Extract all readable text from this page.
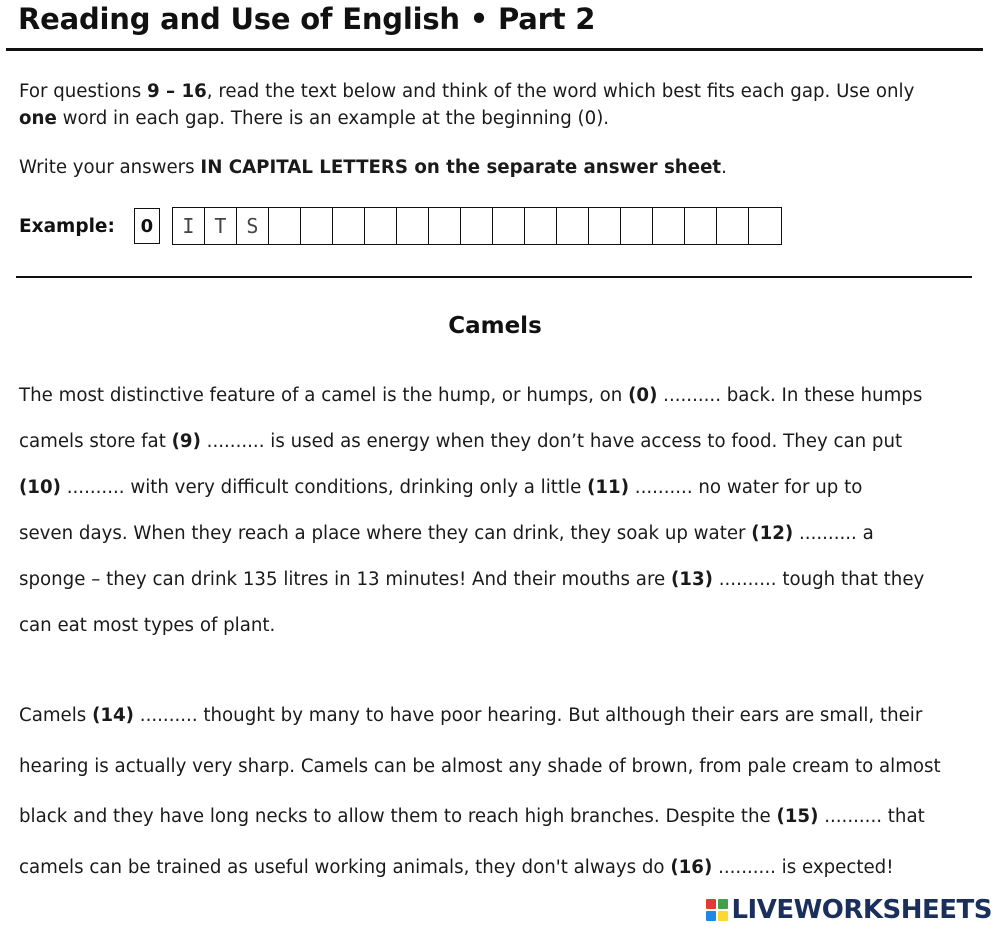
Reading and Use of English • Part 2
For questions 9 – 16, read the text below and think of the word which best fits each gap. Use only
one word in each gap. There is an example at the beginning (0).
Write your answers IN CAPITAL LETTERS on the separate answer sheet.
Example:	0	I T S
Camels
The most distinctive feature of a camel is the hump, or humps, on (0) .......... back. In these humps
camels store fat (9) .......... is used as energy when they don’t have access to food. They can put
(10) .......... with very difficult conditions, drinking only a little (11) .......... no water for up to
seven days. When they reach a place where they can drink, they soak up water (12) .......... a
sponge – they can drink 135 litres in 13 minutes! And their mouths are (13) .......... tough that they
can eat most types of plant.
Camels (14) .......... thought by many to have poor hearing. But although their ears are small, their
hearing is actually very sharp. Camels can be almost any shade of brown, from pale cream to almost
black and they have long necks to allow them to reach high branches. Despite the (15) .......... that
camels can be trained as useful working animals, they don't always do (16) .......... is expected!
LIVEWORKSHEETS
